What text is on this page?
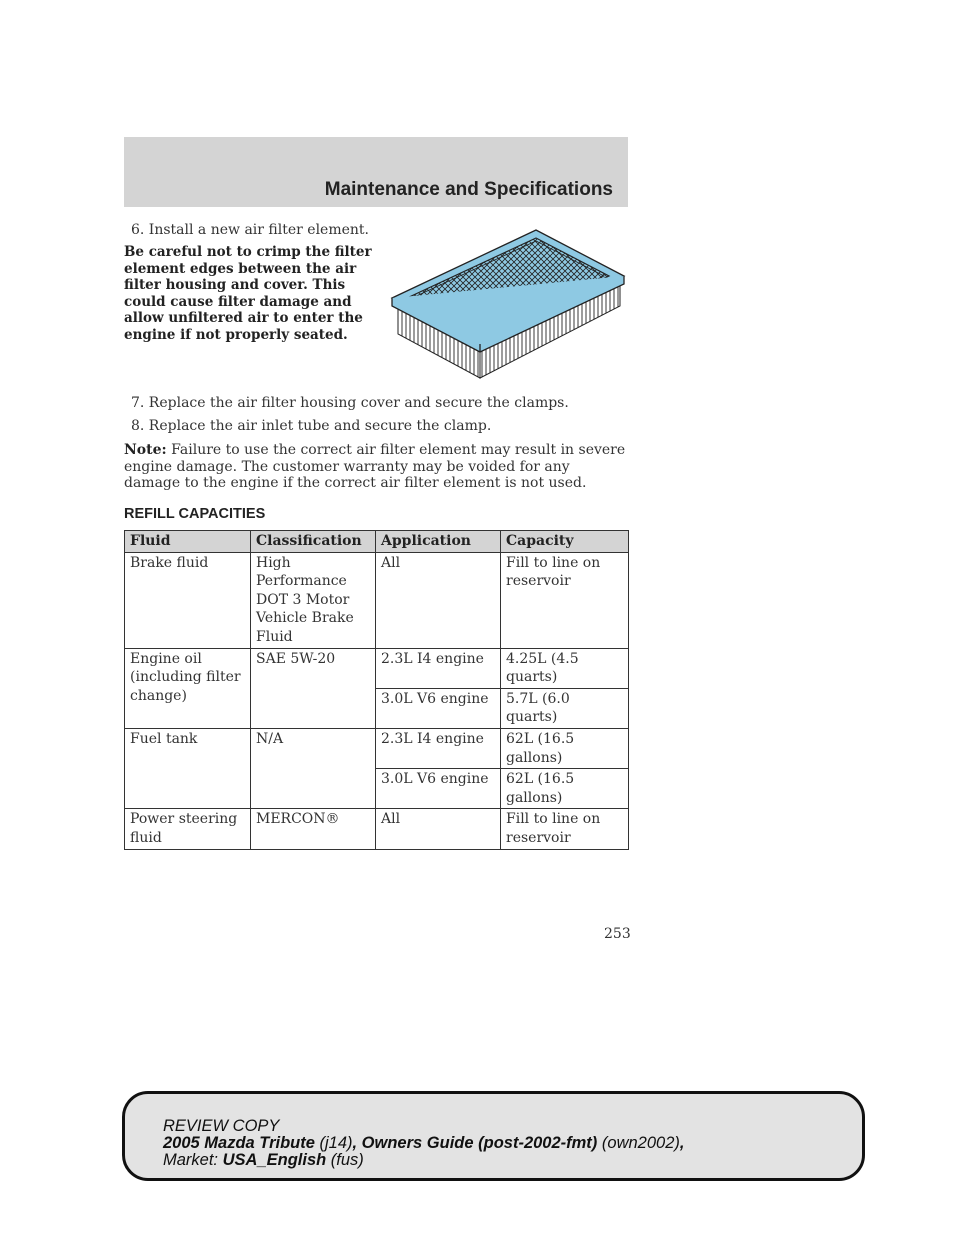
Maintenance and Specifications
6. Install a new air filter element.
Be careful not to crimp the filter element edges between the air filter housing and cover. This could cause filter damage and allow unfiltered air to enter the engine if not properly seated.
7. Replace the air filter housing cover and secure the clamps.
8. Replace the air inlet tube and secure the clamp.
Note: Failure to use the correct air filter element may result in severe engine damage. The customer warranty may be voided for any damage to the engine if the correct air filter element is not used.
REFILL CAPACITIES
Fluid	Classification	Application	Capacity
Brake fluid	High Performance DOT 3 Motor Vehicle Brake Fluid	All	Fill to line on reservoir
Engine oil (including filter change)	SAE 5W-20	2.3L I4 engine	4.25L (4.5 quarts)
		3.0L V6 engine	5.7L (6.0 quarts)
Fuel tank	N/A	2.3L I4 engine	62L (16.5 gallons)
		3.0L V6 engine	62L (16.5 gallons)
Power steering fluid	MERCON®	All	Fill to line on reservoir
253
REVIEW COPY
2005 Mazda Tribute (j14), Owners Guide (post-2002-fmt) (own2002),
Market: USA_English (fus)
